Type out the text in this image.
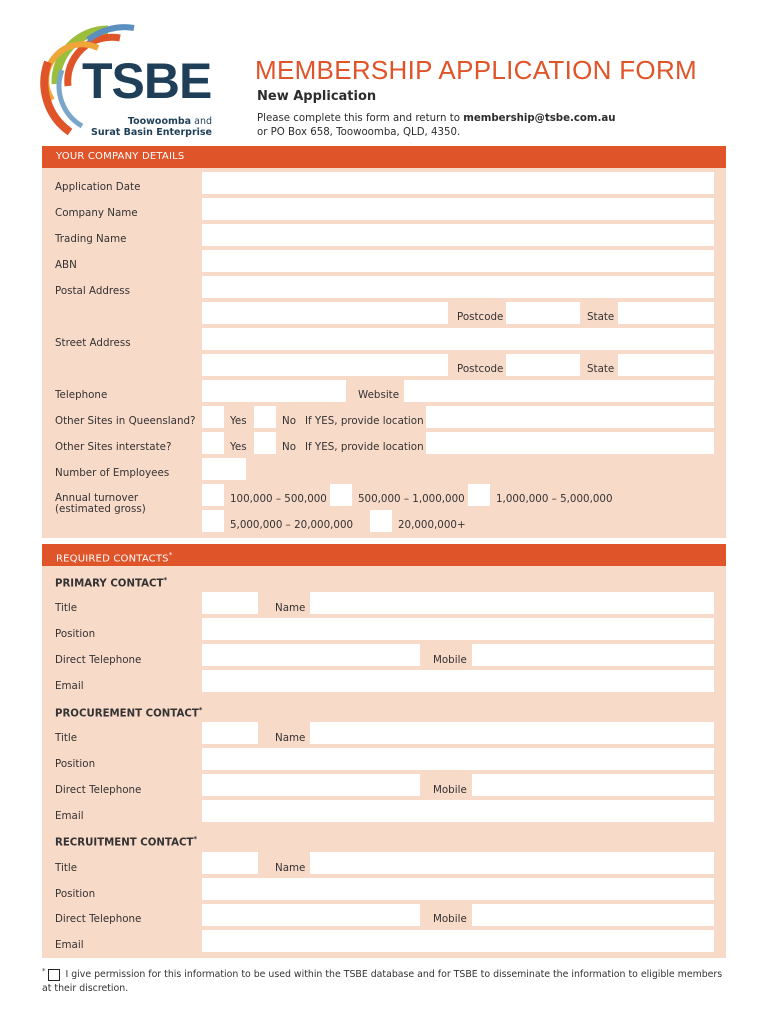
TSBE
Toowoomba and
Surat Basin Enterprise
MEMBERSHIP APPLICATION FORM
New Application
Please complete this form and return to membership@tsbe.com.au
or PO Box 658, Toowoomba, QLD, 4350.
YOUR COMPANY DETAILS
Application Date
Company Name
Trading Name
ABN
Postal Address
Postcode	State
Street Address
Postcode	State
Telephone	Website
Other Sites in Queensland?	Yes	No If YES, provide location
Other Sites interstate?	Yes	No If YES, provide location
Number of Employees
Annual turnover
(estimated gross)
100,000 – 500,000	500,000 – 1,000,000	1,000,000 – 5,000,000
5,000,000 – 20,000,000	20,000,000+
REQUIRED CONTACTS*
PRIMARY CONTACT*
Title	Name
Position
Direct Telephone	Mobile
Email
PROCUREMENT CONTACT*
Title	Name
Position
Direct Telephone	Mobile
Email
RECRUITMENT CONTACT*
Title	Name
Position
Direct Telephone	Mobile
Email
* I give permission for this information to be used within the TSBE database and for TSBE to disseminate the information to eligible members at their discretion.
